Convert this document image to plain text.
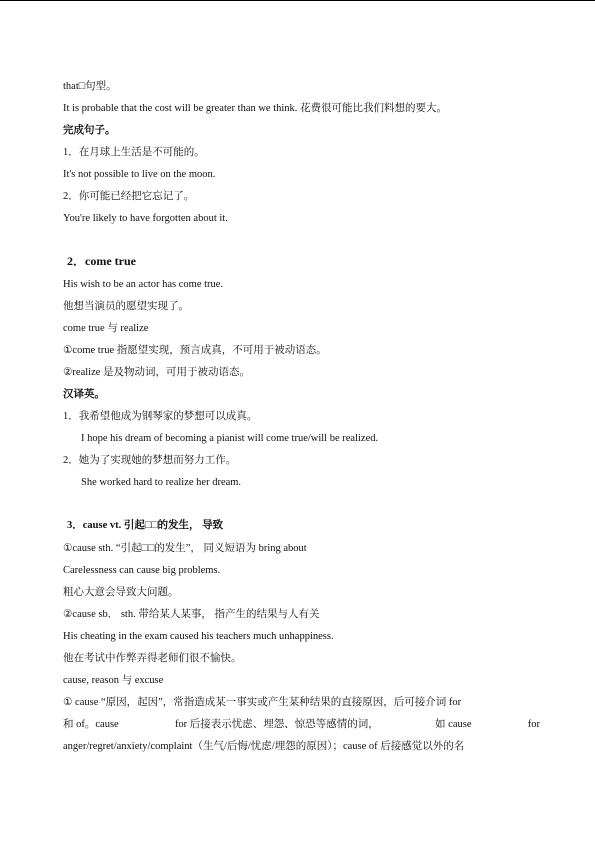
that□句型。
It is probable that the cost will be greater than we think. 花费很可能比我们料想的要大。
完成句子。
1．在月球上生活是不可能的。
It's not possible to live on the moon.
2．你可能已经把它忘记了。
You're likely to have forgotten about it.
2．come true
His wish to be an actor has come true.
他想当演员的愿望实现了。
come true 与 realize
①come true 指愿望实现，预言成真，不可用于被动语态。
②realize 是及物动词，可用于被动语态。
汉译英。
1．我希望他成为钢琴家的梦想可以成真。
I hope his dream of becoming a pianist will come true/will be realized.
2．她为了实现她的梦想而努力工作。
She worked hard to realize her dream.
3．cause vt. 引起□□的发生， 导致
①cause sth. “引起□□的发生”， 同义短语为 bring about
Carelessness can cause big problems.
粗心大意会导致大问题。
②cause sb． sth. 带给某人某事， 指产生的结果与人有关
His cheating in the exam caused his teachers much unhappiness.
他在考试中作弊弄得老师们很不愉快。
cause, reason 与 excuse
① cause “原因，起因”，常指造成某一事实或产生某种结果的直接原因，后可接介词 for
和 of。cause	for 后接表示忧虑、埋怨、惊恐等感情的词，	如 cause	for
anger/regret/anxiety/complaint（生气/后悔/忧虑/埋怨的原因）；cause of 后接感觉以外的名
